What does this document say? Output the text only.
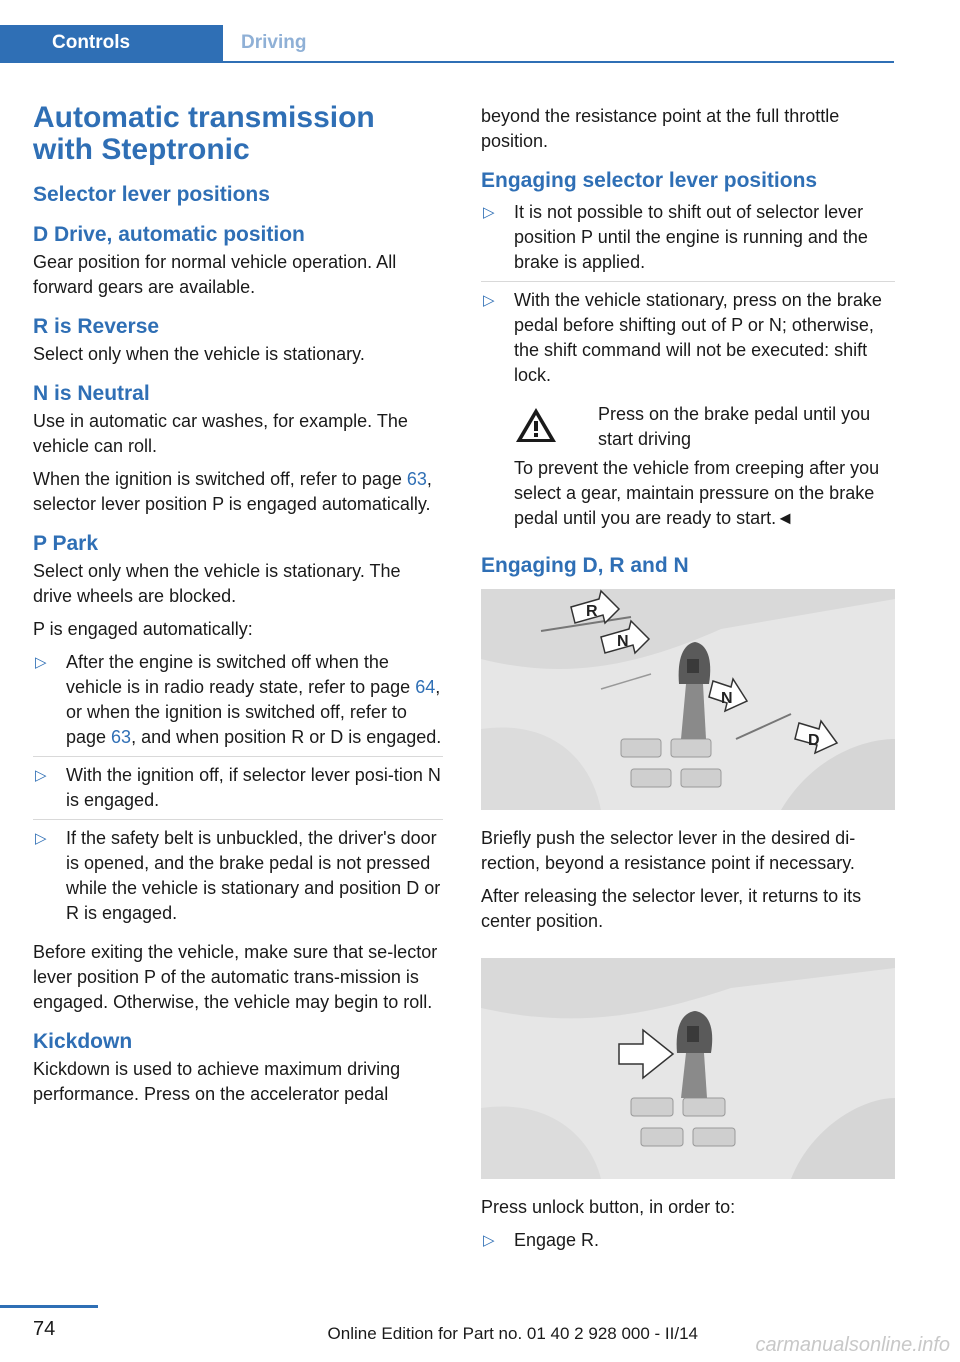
Controls	Driving
Automatic transmission with Steptronic
Selector lever positions
D Drive, automatic position

Gear position for normal vehicle operation. All forward gears are available.

R is Reverse

Select only when the vehicle is stationary.

N is Neutral

Use in automatic car washes, for example. The vehicle can roll.

When the ignition is switched off, refer to page 63, selector lever position P is engaged automatically.

P Park

Select only when the vehicle is stationary. The drive wheels are blocked.

P is engaged automatically:

▷ After the engine is switched off when the vehicle is in radio ready state, refer to page 64, or when the ignition is switched off, refer to page 63, and when position R or D is engaged.
▷ With the ignition off, if selector lever posi-tion N is engaged.
▷ If the safety belt is unbuckled, the driver's door is opened, and the brake pedal is not pressed while the vehicle is stationary and position D or R is engaged.

Before exiting the vehicle, make sure that se-lector lever position P of the automatic trans-mission is engaged. Otherwise, the vehicle may begin to roll.

Kickdown

Kickdown is used to achieve maximum driving performance. Press on the accelerator pedal

beyond the resistance point at the full throttle position.

Engaging selector lever positions
▷ It is not possible to shift out of selector lever position P until the engine is running and the brake is applied.
▷ With the vehicle stationary, press on the brake pedal before shifting out of P or N; otherwise, the shift command will not be executed: shift lock.
Press on the brake pedal until you start driving

To prevent the vehicle from creeping after you select a gear, maintain pressure on the brake pedal until you are ready to start.◄

Engaging D, R and N
R
N
N
D

Briefly push the selector lever in the desired di-rection, beyond a resistance point if necessary.

After releasing the selector lever, it returns to its center position.

Press unlock button, in order to:

▷ Engage R.
74	Online Edition for Part no. 01 40 2 928 000 - II/14
carmanualsonline.info
